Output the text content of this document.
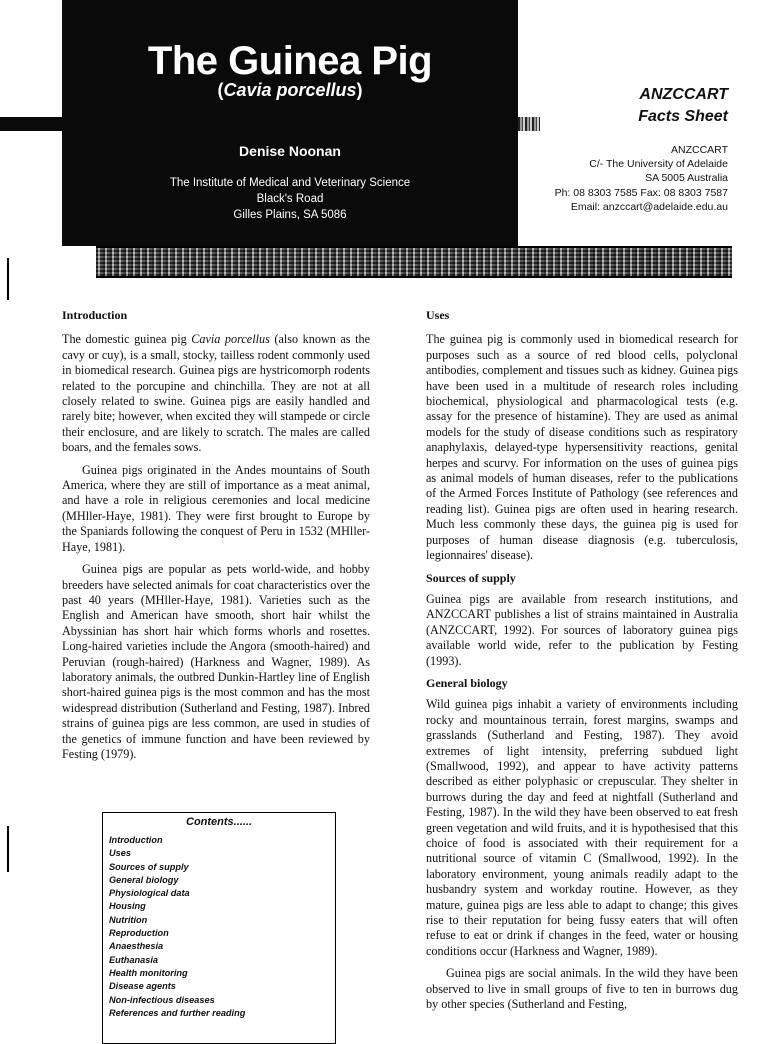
The Guinea Pig
(Cavia porcellus)
Denise Noonan
The Institute of Medical and Veterinary Science
Black's Road
Gilles Plains, SA 5086
ANZCCART
Facts Sheet
ANZCCART
C/- The University of Adelaide
SA 5005 Australia
Ph: 08 8303 7585 Fax: 08 8303 7587
Email: anzccart@adelaide.edu.au
Introduction

The domestic guinea pig Cavia porcellus (also known as the cavy or cuy), is a small, stocky, tailless rodent commonly used in biomedical research. Guinea pigs are hystricomorph rodents related to the porcupine and chinchilla. They are not at all closely related to swine. Guinea pigs are easily handled and rarely bite; however, when excited they will stampede or circle their enclosure, and are likely to scratch. The males are called boars, and the females sows.

Guinea pigs originated in the Andes mountains of South America, where they are still of importance as a meat animal, and have a role in religious ceremonies and local medicine (MHller-Haye, 1981). They were first brought to Europe by the Spaniards following the conquest of Peru in 1532 (MHller-Haye, 1981).

Guinea pigs are popular as pets world-wide, and hobby breeders have selected animals for coat characteristics over the past 40 years (MHller-Haye, 1981). Varieties such as the English and American have smooth, short hair whilst the Abyssinian has short hair which forms whorls and rosettes. Long-haired varieties include the Angora (smooth-haired) and Peruvian (rough-haired) (Harkness and Wagner, 1989). As laboratory animals, the outbred Dunkin-Hartley line of English short-haired guinea pigs is the most common and has the most widespread distribution (Sutherland and Festing, 1987). Inbred strains of guinea pigs are less common, are used in studies of the genetics of immune function and have been reviewed by Festing (1979).

Contents......
Introduction
Uses
Sources of supply
General biology
Physiological data
Housing
Nutrition
Reproduction
Anaesthesia
Euthanasia
Health monitoring
Disease agents
Non-infectious diseases
References and further reading
Uses

The guinea pig is commonly used in biomedical research for purposes such as a source of red blood cells, polyclonal antibodies, complement and tissues such as kidney. Guinea pigs have been used in a multitude of research roles including biochemical, physiological and pharmacological tests (e.g. assay for the presence of histamine). They are used as animal models for the study of disease conditions such as respiratory anaphylaxis, delayed-type hypersensitivity reactions, genital herpes and scurvy. For information on the uses of guinea pigs as animal models of human diseases, refer to the publications of the Armed Forces Institute of Pathology (see references and reading list). Guinea pigs are often used in hearing research. Much less commonly these days, the guinea pig is used for purposes of human disease diagnosis (e.g. tuberculosis, legionnaires' disease).

Sources of supply

Guinea pigs are available from research institutions, and ANZCCART publishes a list of strains maintained in Australia (ANZCCART, 1992). For sources of laboratory guinea pigs available world wide, refer to the publication by Festing (1993).

General biology

Wild guinea pigs inhabit a variety of environments including rocky and mountainous terrain, forest margins, swamps and grasslands (Sutherland and Festing, 1987). They avoid extremes of light intensity, preferring subdued light (Smallwood, 1992), and appear to have activity patterns described as either polyphasic or crepuscular. They shelter in burrows during the day and feed at nightfall (Sutherland and Festing, 1987). In the wild they have been observed to eat fresh green vegetation and wild fruits, and it is hypothesised that this choice of food is associated with their requirement for a nutritional source of vitamin C (Smallwood, 1992). In the laboratory environment, young animals readily adapt to the husbandry system and workday routine. However, as they mature, guinea pigs are less able to adapt to change; this gives rise to their reputation for being fussy eaters that will often refuse to eat or drink if changes in the feed, water or housing conditions occur (Harkness and Wagner, 1989).

Guinea pigs are social animals. In the wild they have been observed to live in small groups of five to ten in burrows dug by other species (Sutherland and Festing,
